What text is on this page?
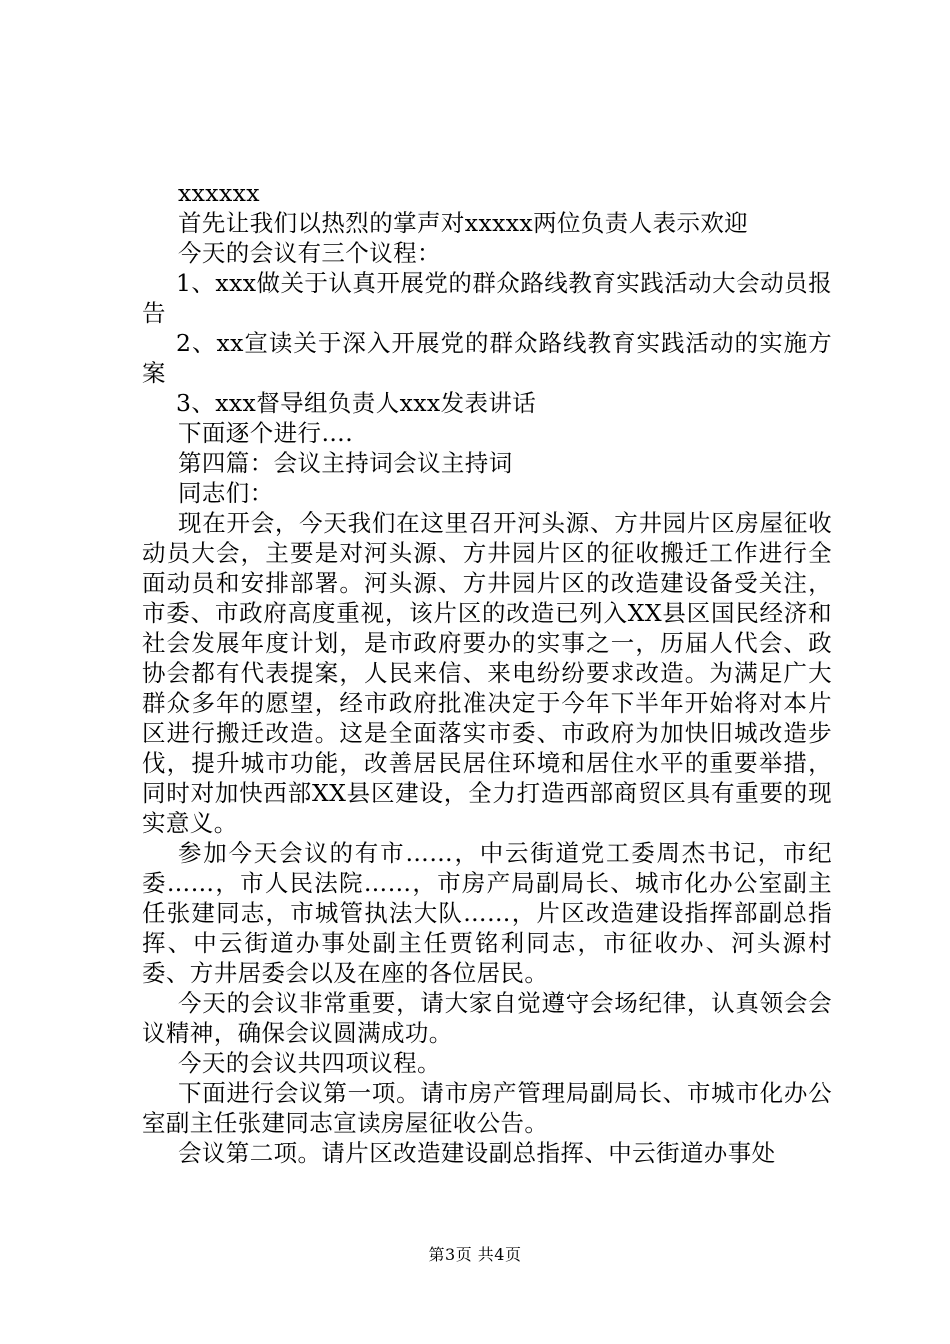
xxxxxx

首先让我们以热烈的掌声对xxxxx两位负责人表示欢迎

今天的会议有三个议程：

1、xxx做关于认真开展党的群众路线教育实践活动大会动员报告

2、xx宣读关于深入开展党的群众路线教育实践活动的实施方案

3、xxx督导组负责人xxx发表讲话

下面逐个进行….

第四篇：会议主持词会议主持词

同志们：

现在开会，今天我们在这里召开河头源、方井园片区房屋征收动员大会，主要是对河头源、方井园片区的征收搬迁工作进行全面动员和安排部署。河头源、方井园片区的改造建设备受关注，市委、市政府高度重视，该片区的改造已列入XX县区国民经济和社会发展年度计划，是市政府要办的实事之一，历届人代会、政协会都有代表提案，人民来信、来电纷纷要求改造。为满足广大群众多年的愿望，经市政府批准决定于今年下半年开始将对本片区进行搬迁改造。这是全面落实市委、市政府为加快旧城改造步伐，提升城市功能，改善居民居住环境和居住水平的重要举措，同时对加快西部XX县区建设，全力打造西部商贸区具有重要的现实意义。

参加今天会议的有市……，中云街道党工委周杰书记，市纪委……，市人民法院……，市房产局副局长、城市化办公室副主任张建同志，市城管执法大队……，片区改造建设指挥部副总指挥、中云街道办事处副主任贾铭利同志，市征收办、河头源村委、方井居委会以及在座的各位居民。

今天的会议非常重要，请大家自觉遵守会场纪律，认真领会会议精神，确保会议圆满成功。

今天的会议共四项议程。

下面进行会议第一项。请市房产管理局副局长、市城市化办公室副主任张建同志宣读房屋征收公告。

会议第二项。请片区改造建设副总指挥、中云街道办事处

第3页 共4页
